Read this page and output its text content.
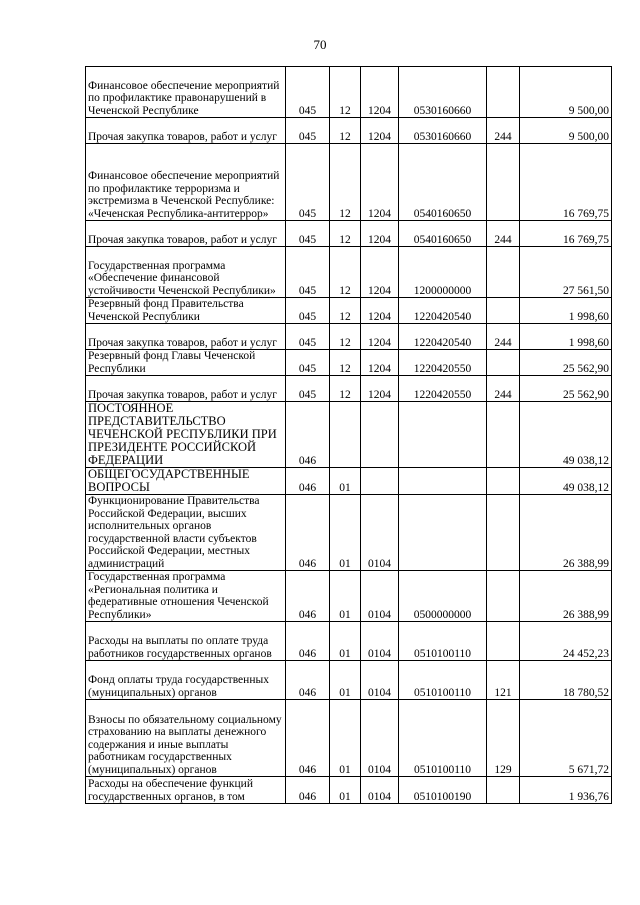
70
Финансовое обеспечение мероприятий по профилактике правонарушений в Чеченской Республике	045	12	1204	0530160660		9 500,00
Прочая закупка товаров, работ и услуг	045	12	1204	0530160660	244	9 500,00
Финансовое обеспечение мероприятий по профилактике терроризма и экстремизма в Чеченской Республике: «Чеченская Республика-антитеррор»	045	12	1204	0540160650		16 769,75
Прочая закупка товаров, работ и услуг	045	12	1204	0540160650	244	16 769,75
Государственная программа «Обеспечение финансовой устойчивости Чеченской Республики»	045	12	1204	1200000000		27 561,50
Резервный фонд Правительства Чеченской Республики	045	12	1204	1220420540		1 998,60
Прочая закупка товаров, работ и услуг	045	12	1204	1220420540	244	1 998,60
Резервный фонд Главы Чеченской Республики	045	12	1204	1220420550		25 562,90
Прочая закупка товаров, работ и услуг	045	12	1204	1220420550	244	25 562,90
ПОСТОЯННОЕ ПРЕДСТАВИТЕЛЬСТВО ЧЕЧЕНСКОЙ РЕСПУБЛИКИ ПРИ ПРЕЗИДЕНТЕ РОССИЙСКОЙ ФЕДЕРАЦИИ	046					49 038,12
ОБЩЕГОСУДАРСТВЕННЫЕ ВОПРОСЫ	046	01				49 038,12
Функционирование Правительства Российской Федерации, высших исполнительных органов государственной власти субъектов Российской Федерации, местных администраций	046	01	0104			26 388,99
Государственная программа «Региональная политика и федеративные отношения Чеченской Республики»	046	01	0104	0500000000		26 388,99
Расходы на выплаты по оплате труда работников государственных органов	046	01	0104	0510100110		24 452,23
Фонд оплаты труда государственных (муниципальных) органов	046	01	0104	0510100110	121	18 780,52
Взносы по обязательному социальному страхованию на выплаты денежного содержания и иные выплаты работникам государственных (муниципальных) органов	046	01	0104	0510100110	129	5 671,72
Расходы на обеспечение функций государственных органов, в том	046	01	0104	0510100190		1 936,76
